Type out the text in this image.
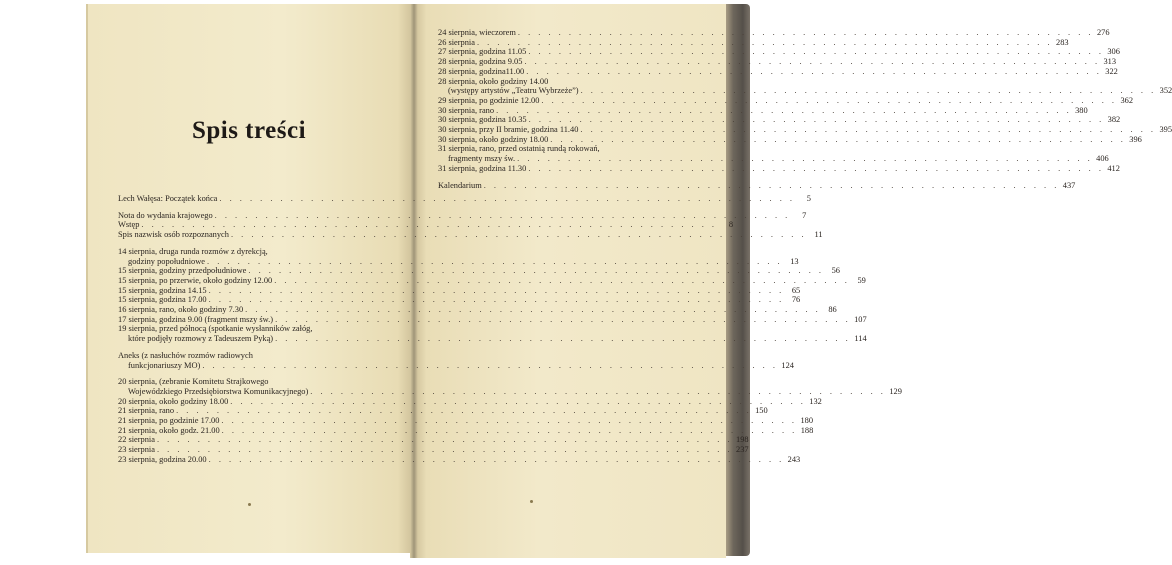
Spis treści
Lech Wałęsa: Początek końca . . . . . . . . . . . . . . . . . . . . . . . . . . . . . . . . . . . . . . . . . . . . . . . . . . . . . . . . .	5
Nota do wydania krajowego . . . . . . . . . . . . . . . . . . . . . . . . . . . . . . . . . . . . . . . . . . . . . . . . . . . . . . . . .	7
Wstęp . . . . . . . . . . . . . . . . . . . . . . . . . . . . . . . . . . . . . . . . . . . . . . . . . . . . . . . . .	8
Spis nazwisk osób rozpoznanych . . . . . . . . . . . . . . . . . . . . . . . . . . . . . . . . . . . . . . . . . . . . . . . . . . . . . . . . . 11
14 sierpnia, druga runda rozmów z dyrekcją,
godziny popołudniowe . . . . . . . . . . . . . . . . . . . . . . . . . . . . . . . . . . . . . . . . . . . . . . . . . . . . . . . . . 13
15 sierpnia, godziny przedpołudniowe . . . . . . . . . . . . . . . . . . . . . . . . . . . . . . . . . . . . . . . . . . . . . . . . . . . . . . . . . 56
15 sierpnia, po przerwie, około godziny 12.00 . . . . . . . . . . . . . . . . . . . . . . . . . . . . . . . . . . . . . . . . . . . . . . . . . . . . . . . . . 59
15 sierpnia, godzina 14.15 . . . . . . . . . . . . . . . . . . . . . . . . . . . . . . . . . . . . . . . . . . . . . . . . . . . . . . . . . 65
15 sierpnia, godzina 17.00 . . . . . . . . . . . . . . . . . . . . . . . . . . . . . . . . . . . . . . . . . . . . . . . . . . . . . . . . . 76
16 sierpnia, rano, około godziny 7.30 . . . . . . . . . . . . . . . . . . . . . . . . . . . . . . . . . . . . . . . . . . . . . . . . . . . . . . . . . 86
17 sierpnia, godzina 9.00 (fragment mszy św.) . . . . . . . . . . . . . . . . . . . . . . . . . . . . . . . . . . . . . . . . . . . . . . . . . . . . . . . . . 107
19 sierpnia, przed północą (spotkanie wysłanników załóg,
które podjęły rozmowy z Tadeuszem Pyką) . . . . . . . . . . . . . . . . . . . . . . . . . . . . . . . . . . . . . . . . . . . . . . . . . . . . . . . . . 114
Aneks (z nasłuchów rozmów radiowych
funkcjonariuszy MO) . . . . . . . . . . . . . . . . . . . . . . . . . . . . . . . . . . . . . . . . . . . . . . . . . . . . . . . . . 124
20 sierpnia, (zebranie Komitetu Strajkowego
Wojewódzkiego Przedsiębiorstwa Komunikacyjnego) . . . . . . . . . . . . . . . . . . . . . . . . . . . . . . . . . . . . . . . . . . . . . . . . . . . . . . . . . 129
20 sierpnia, około godziny 18.00 . . . . . . . . . . . . . . . . . . . . . . . . . . . . . . . . . . . . . . . . . . . . . . . . . . . . . . . . . 132
21 sierpnia, rano . . . . . . . . . . . . . . . . . . . . . . . . . . . . . . . . . . . . . . . . . . . . . . . . . . . . . . . . . 150
21 sierpnia, po godzinie 17.00 . . . . . . . . . . . . . . . . . . . . . . . . . . . . . . . . . . . . . . . . . . . . . . . . . . . . . . . . . 180
21 sierpnia, około godz. 21.00 . . . . . . . . . . . . . . . . . . . . . . . . . . . . . . . . . . . . . . . . . . . . . . . . . . . . . . . . . 188
22 sierpnia . . . . . . . . . . . . . . . . . . . . . . . . . . . . . . . . . . . . . . . . . . . . . . . . . . . . . . . . . 198
23 sierpnia . . . . . . . . . . . . . . . . . . . . . . . . . . . . . . . . . . . . . . . . . . . . . . . . . . . . . . . . . 237
23 sierpnia, godzina 20.00 . . . . . . . . . . . . . . . . . . . . . . . . . . . . . . . . . . . . . . . . . . . . . . . . . . . . . . . . . 243
24 sierpnia, wieczorem . . . . . . . . . . . . . . . . . . . . . . . . . . . . . . . . . . . . . . . . . . . . . . . . . . . . . . . . . 276
26 sierpnia . . . . . . . . . . . . . . . . . . . . . . . . . . . . . . . . . . . . . . . . . . . . . . . . . . . . . . . . . 283
27 sierpnia, godzina 11.05 . . . . . . . . . . . . . . . . . . . . . . . . . . . . . . . . . . . . . . . . . . . . . . . . . . . . . . . . . 306
28 sierpnia, godzina 9.05 . . . . . . . . . . . . . . . . . . . . . . . . . . . . . . . . . . . . . . . . . . . . . . . . . . . . . . . . . 313
28 sierpnia, godzina11.00 . . . . . . . . . . . . . . . . . . . . . . . . . . . . . . . . . . . . . . . . . . . . . . . . . . . . . . . . . 322
28 sierpnia, około godziny 14.00
(występy artystów „Teatru Wybrzeże”) . . . . . . . . . . . . . . . . . . . . . . . . . . . . . . . . . . . . . . . . . . . . . . . . . . . . . . . . . 352
29 sierpnia, po godzinie 12.00 . . . . . . . . . . . . . . . . . . . . . . . . . . . . . . . . . . . . . . . . . . . . . . . . . . . . . . . . . 362
30 sierpnia, rano . . . . . . . . . . . . . . . . . . . . . . . . . . . . . . . . . . . . . . . . . . . . . . . . . . . . . . . . . 380
30 sierpnia, godzina 10.35 . . . . . . . . . . . . . . . . . . . . . . . . . . . . . . . . . . . . . . . . . . . . . . . . . . . . . . . . . 382
30 sierpnia, przy II bramie, godzina 11.40 . . . . . . . . . . . . . . . . . . . . . . . . . . . . . . . . . . . . . . . . . . . . . . . . . . . . . . . . . 395
30 sierpnia, około godziny 18.00 . . . . . . . . . . . . . . . . . . . . . . . . . . . . . . . . . . . . . . . . . . . . . . . . . . . . . . . . . 396
31 sierpnia, rano, przed ostatnią rundą rokowań,
fragmenty mszy św. . . . . . . . . . . . . . . . . . . . . . . . . . . . . . . . . . . . . . . . . . . . . . . . . . . . . . . . . . 406
31 sierpnia, godzina 11.30 . . . . . . . . . . . . . . . . . . . . . . . . . . . . . . . . . . . . . . . . . . . . . . . . . . . . . . . . . 412
Kalendarium . . . . . . . . . . . . . . . . . . . . . . . . . . . . . . . . . . . . . . . . . . . . . . . . . . . . . . . . . 437
